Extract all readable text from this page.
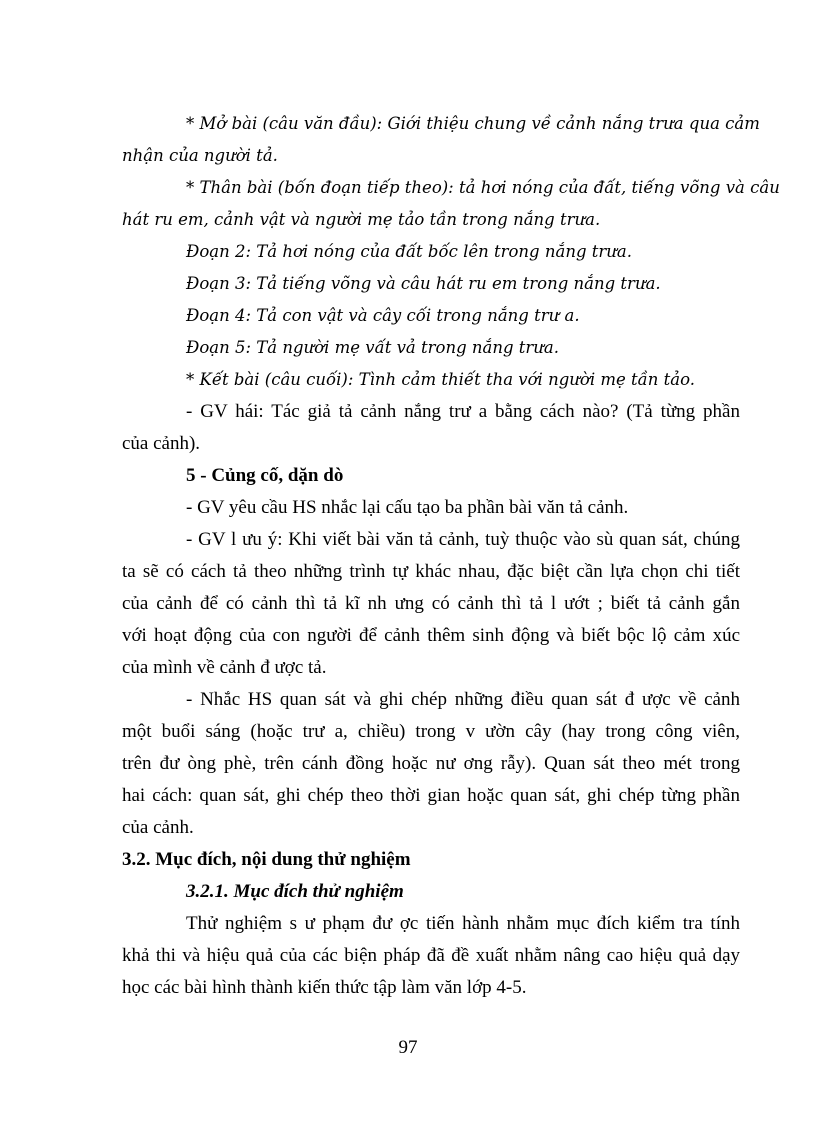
* Mở bài (câu văn đầu): Giới thiệu chung về cảnh nắng trưa qua cảm
nhận của người tả.
* Thân bài (bốn đoạn tiếp theo): tả hơi nóng của đất, tiếng võng và câu
hát ru em, cảnh vật và người mẹ tảo tần trong nắng trưa.
Đoạn 2: Tả hơi nóng của đất bốc lên trong nắng trưa.
Đoạn 3: Tả tiếng võng và câu hát ru em trong nắng trưa.
Đoạn 4: Tả con vật và cây cối trong nắng trư a.
Đoạn 5: Tả người mẹ vất vả trong nắng trưa.
* Kết bài (câu cuối): Tình cảm thiết tha với người mẹ tần tảo.
- GV hái: Tác giả tả cảnh nắng trư a bằng cách nào? (Tả từng phần
của cảnh).
5 - Củng cố, dặn dò
- GV yêu cầu HS nhắc lại cấu tạo ba phần bài văn tả cảnh.
- GV l ưu ý: Khi viết bài văn tả cảnh, tuỳ thuộc vào sù quan sát, chúng
ta sẽ có cách tả theo những trình tự khác nhau, đặc biệt cần lựa chọn chi tiết
của cảnh để có cảnh thì tả kĩ nh ưng có cảnh thì tả l ướt ; biết tả cảnh gắn
với hoạt động của con người để cảnh thêm sinh động và biết bộc lộ cảm xúc
của mình về cảnh đ ược tả.
- Nhắc HS quan sát và ghi chép những điều quan sát đ ược về cảnh
một buổi sáng (hoặc trư a, chiều) trong v ườn cây (hay trong công viên,
trên đư òng phè, trên cánh đồng hoặc nư ơng rẫy). Quan sát theo mét trong
hai cách: quan sát, ghi chép theo thời gian hoặc quan sát, ghi chép từng phần
của cảnh.
3.2. Mục đích, nội dung thử nghiệm
3.2.1. Mục đích thử nghiệm
Thử nghiệm s ư phạm đư ợc tiến hành nhằm mục đích kiểm tra tính
khả thi và hiệu quả của các biện pháp đã đề xuất nhằm nâng cao hiệu quả dạy
học các bài hình thành kiến thức tập làm văn lớp 4-5.
97
